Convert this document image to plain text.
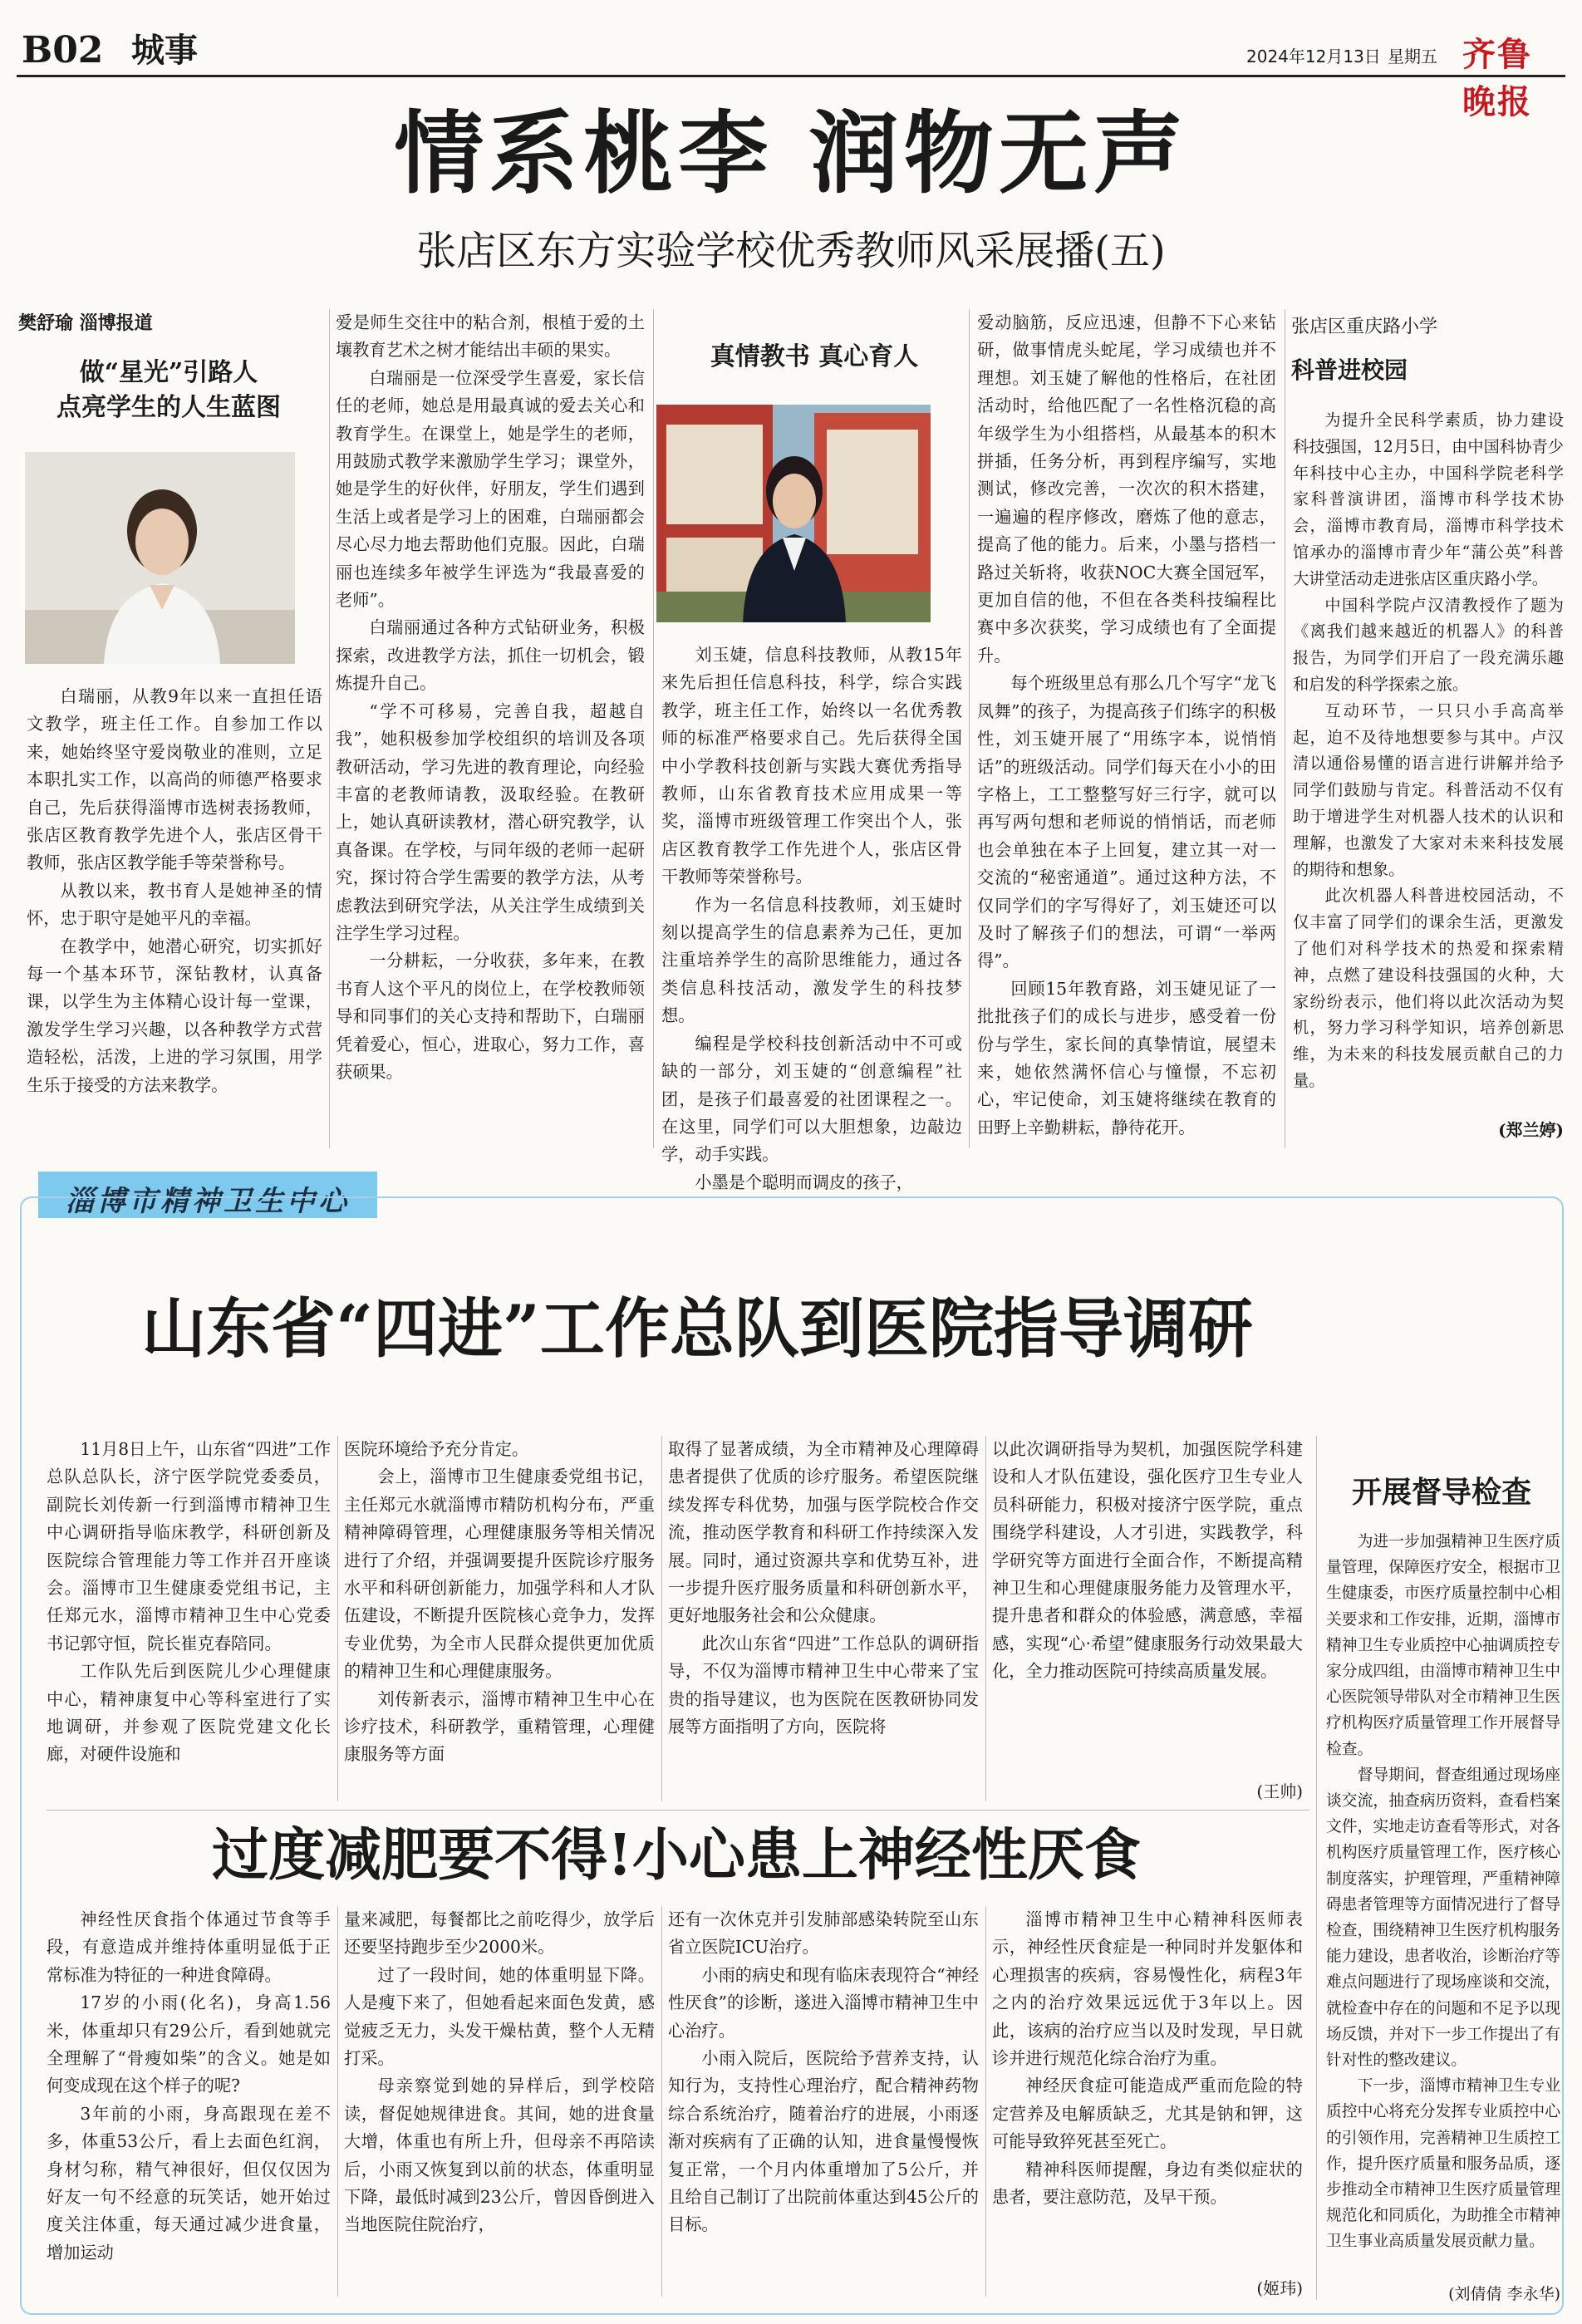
B02 城事	2024年12月13日 星期五 齐鲁晚报
情系桃李 润物无声
张店区东方实验学校优秀教师风采展播(五)
樊舒瑜 淄博报道
做“星光”引路人
点亮学生的人生蓝图

白瑞丽，从教9年以来一直担任语文教学，班主任工作。自参加工作以来，她始终坚守爱岗敬业的准则，立足本职扎实工作，以高尚的师德严格要求自己，先后获得淄博市选树表扬教师，张店区教育教学先进个人，张店区骨干教师，张店区教学能手等荣誉称号。

从教以来，教书育人是她神圣的情怀，忠于职守是她平凡的幸福。

在教学中，她潜心研究，切实抓好每一个基本环节，深钻教材，认真备课，以学生为主体精心设计每一堂课，激发学生学习兴趣，以各种教学方式营造轻松，活泼，上进的学习氛围，用学生乐于接受的方法来教学。

爱是师生交往中的粘合剂，根植于爱的土壤教育艺术之树才能结出丰硕的果实。

白瑞丽是一位深受学生喜爱，家长信任的老师，她总是用最真诚的爱去关心和教育学生。在课堂上，她是学生的老师，用鼓励式教学来激励学生学习；课堂外，她是学生的好伙伴，好朋友，学生们遇到生活上或者是学习上的困难，白瑞丽都会尽心尽力地去帮助他们克服。因此，白瑞丽也连续多年被学生评选为“我最喜爱的老师”。

白瑞丽通过各种方式钻研业务，积极探索，改进教学方法，抓住一切机会，锻炼提升自己。

“学不可移易，完善自我，超越自我”，她积极参加学校组织的培训及各项教研活动，学习先进的教育理论，向经验丰富的老教师请教，汲取经验。在教研上，她认真研读教材，潜心研究教学，认真备课。在学校，与同年级的老师一起研究，探讨符合学生需要的教学方法，从考虑教法到研究学法，从关注学生成绩到关注学生学习过程。

一分耕耘，一分收获，多年来，在教书育人这个平凡的岗位上，在学校教师领导和同事们的关心支持和帮助下，白瑞丽凭着爱心，恒心，进取心，努力工作，喜获硕果。

真情教书 真心育人

刘玉婕，信息科技教师，从教15年来先后担任信息科技，科学，综合实践教学，班主任工作，始终以一名优秀教师的标准严格要求自己。先后获得全国中小学教科技创新与实践大赛优秀指导教师，山东省教育技术应用成果一等奖，淄博市班级管理工作突出个人，张店区教育教学工作先进个人，张店区骨干教师等荣誉称号。

作为一名信息科技教师，刘玉婕时刻以提高学生的信息素养为己任，更加注重培养学生的高阶思维能力，通过各类信息科技活动，激发学生的科技梦想。

编程是学校科技创新活动中不可或缺的一部分，刘玉婕的“创意编程”社团，是孩子们最喜爱的社团课程之一。在这里，同学们可以大胆想象，边敲边学，动手实践。

小墨是个聪明而调皮的孩子，

爱动脑筋，反应迅速，但静不下心来钻研，做事情虎头蛇尾，学习成绩也并不理想。刘玉婕了解他的性格后，在社团活动时，给他匹配了一名性格沉稳的高年级学生为小组搭档，从最基本的积木拼插，任务分析，再到程序编写，实地测试，修改完善，一次次的积木搭建，一遍遍的程序修改，磨炼了他的意志，提高了他的能力。后来，小墨与搭档一路过关斩将，收获NOC大赛全国冠军，更加自信的他，不但在各类科技编程比赛中多次获奖，学习成绩也有了全面提升。

每个班级里总有那么几个写字“龙飞凤舞”的孩子，为提高孩子们练字的积极性，刘玉婕开展了“用练字本，说悄悄话”的班级活动。同学们每天在小小的田字格上，工工整整写好三行字，就可以再写两句想和老师说的悄悄话，而老师也会单独在本子上回复，建立其一对一交流的“秘密通道”。通过这种方法，不仅同学们的字写得好了，刘玉婕还可以及时了解孩子们的想法，可谓“一举两得”。

回顾15年教育路，刘玉婕见证了一批批孩子们的成长与进步，感受着一份份与学生，家长间的真挚情谊，展望未来，她依然满怀信心与憧憬，不忘初心，牢记使命，刘玉婕将继续在教育的田野上辛勤耕耘，静待花开。

张店区重庆路小学
科普进校园

为提升全民科学素质，协力建设科技强国，12月5日，由中国科协青少年科技中心主办，中国科学院老科学家科普演讲团，淄博市科学技术协会，淄博市教育局，淄博市科学技术馆承办的淄博市青少年“蒲公英”科普大讲堂活动走进张店区重庆路小学。

中国科学院卢汉清教授作了题为《离我们越来越近的机器人》的科普报告，为同学们开启了一段充满乐趣和启发的科学探索之旅。

互动环节，一只只小手高高举起，迫不及待地想要参与其中。卢汉清以通俗易懂的语言进行讲解并给予同学们鼓励与肯定。科普活动不仅有助于增进学生对机器人技术的认识和理解，也激发了大家对未来科技发展的期待和想象。

此次机器人科普进校园活动，不仅丰富了同学们的课余生活，更激发了他们对科学技术的热爱和探索精神，点燃了建设科技强国的火种，大家纷纷表示，他们将以此次活动为契机，努力学习科学知识，培养创新思维，为未来的科技发展贡献自己的力量。

(郑兰婷)
淄博市精神卫生中心
山东省“四进”工作总队到医院指导调研

11月8日上午，山东省“四进”工作总队总队长，济宁医学院党委委员，副院长刘传新一行到淄博市精神卫生中心调研指导临床教学，科研创新及医院综合管理能力等工作并召开座谈会。淄博市卫生健康委党组书记，主任郑元水，淄博市精神卫生中心党委书记郭守恒，院长崔克春陪同。

工作队先后到医院儿少心理健康中心，精神康复中心等科室进行了实地调研，并参观了医院党建文化长廊，对硬件设施和

医院环境给予充分肯定。

会上，淄博市卫生健康委党组书记，主任郑元水就淄博市精防机构分布，严重精神障碍管理，心理健康服务等相关情况进行了介绍，并强调要提升医院诊疗服务水平和科研创新能力，加强学科和人才队伍建设，不断提升医院核心竞争力，发挥专业优势，为全市人民群众提供更加优质的精神卫生和心理健康服务。

刘传新表示，淄博市精神卫生中心在诊疗技术，科研教学，重精管理，心理健康服务等方面

取得了显著成绩，为全市精神及心理障碍患者提供了优质的诊疗服务。希望医院继续发挥专科优势，加强与医学院校合作交流，推动医学教育和科研工作持续深入发展。同时，通过资源共享和优势互补，进一步提升医疗服务质量和科研创新水平，更好地服务社会和公众健康。

此次山东省“四进”工作总队的调研指导，不仅为淄博市精神卫生中心带来了宝贵的指导建议，也为医院在医教研协同发展等方面指明了方向，医院将

以此次调研指导为契机，加强医院学科建设和人才队伍建设，强化医疗卫生专业人员科研能力，积极对接济宁医学院，重点围绕学科建设，人才引进，实践教学，科学研究等方面进行全面合作，不断提高精神卫生和心理健康服务能力及管理水平，提升患者和群众的体验感，满意感，幸福感，实现“心·希望”健康服务行动效果最大化，全力推动医院可持续高质量发展。

(王帅)
过度减肥要不得!小心患上神经性厌食

神经性厌食指个体通过节食等手段，有意造成并维持体重明显低于正常标准为特征的一种进食障碍。

17岁的小雨(化名)，身高1.56米，体重却只有29公斤，看到她就完全理解了“骨瘦如柴”的含义。她是如何变成现在这个样子的呢?

3年前的小雨，身高跟现在差不多，体重53公斤，看上去面色红润，身材匀称，精气神很好，但仅仅因为好友一句不经意的玩笑话，她开始过度关注体重，每天通过减少进食量，增加运动

量来减肥，每餐都比之前吃得少，放学后还要坚持跑步至少2000米。

过了一段时间，她的体重明显下降。人是瘦下来了，但她看起来面色发黄，感觉疲乏无力，头发干燥枯黄，整个人无精打采。

母亲察觉到她的异样后，到学校陪读，督促她规律进食。其间，她的进食量大增，体重也有所上升，但母亲不再陪读后，小雨又恢复到以前的状态，体重明显下降，最低时减到23公斤，曾因昏倒进入当地医院住院治疗，

还有一次休克并引发肺部感染转院至山东省立医院ICU治疗。

小雨的病史和现有临床表现符合“神经性厌食”的诊断，遂进入淄博市精神卫生中心治疗。

小雨入院后，医院给予营养支持，认知行为，支持性心理治疗，配合精神药物综合系统治疗，随着治疗的进展，小雨逐渐对疾病有了正确的认知，进食量慢慢恢复正常，一个月内体重增加了5公斤，并且给自己制订了出院前体重达到45公斤的目标。

淄博市精神卫生中心精神科医师表示，神经性厌食症是一种同时并发躯体和心理损害的疾病，容易慢性化，病程3年之内的治疗效果远远优于3年以上。因此，该病的治疗应当以及时发现，早日就诊并进行规范化综合治疗为重。

神经厌食症可能造成严重而危险的特定营养及电解质缺乏，尤其是钠和钾，这可能导致猝死甚至死亡。

精神科医师提醒，身边有类似症状的患者，要注意防范，及早干预。

(姬玮)
开展督导检查

为进一步加强精神卫生医疗质量管理，保障医疗安全，根据市卫生健康委，市医疗质量控制中心相关要求和工作安排，近期，淄博市精神卫生专业质控中心抽调质控专家分成四组，由淄博市精神卫生中心医院领导带队对全市精神卫生医疗机构医疗质量管理工作开展督导检查。

督导期间，督查组通过现场座谈交流，抽查病历资料，查看档案文件，实地走访查看等形式，对各机构医疗质量管理工作，医疗核心制度落实，护理管理，严重精神障碍患者管理等方面情况进行了督导检查，围绕精神卫生医疗机构服务能力建设，患者收治，诊断治疗等难点问题进行了现场座谈和交流，就检查中存在的问题和不足予以现场反馈，并对下一步工作提出了有针对性的整改建议。

下一步，淄博市精神卫生专业质控中心将充分发挥专业质控中心的引领作用，完善精神卫生质控工作，提升医疗质量和服务品质，逐步推动全市精神卫生医疗质量管理规范化和同质化，为助推全市精神卫生事业高质量发展贡献力量。

(刘倩倩 李永华)
